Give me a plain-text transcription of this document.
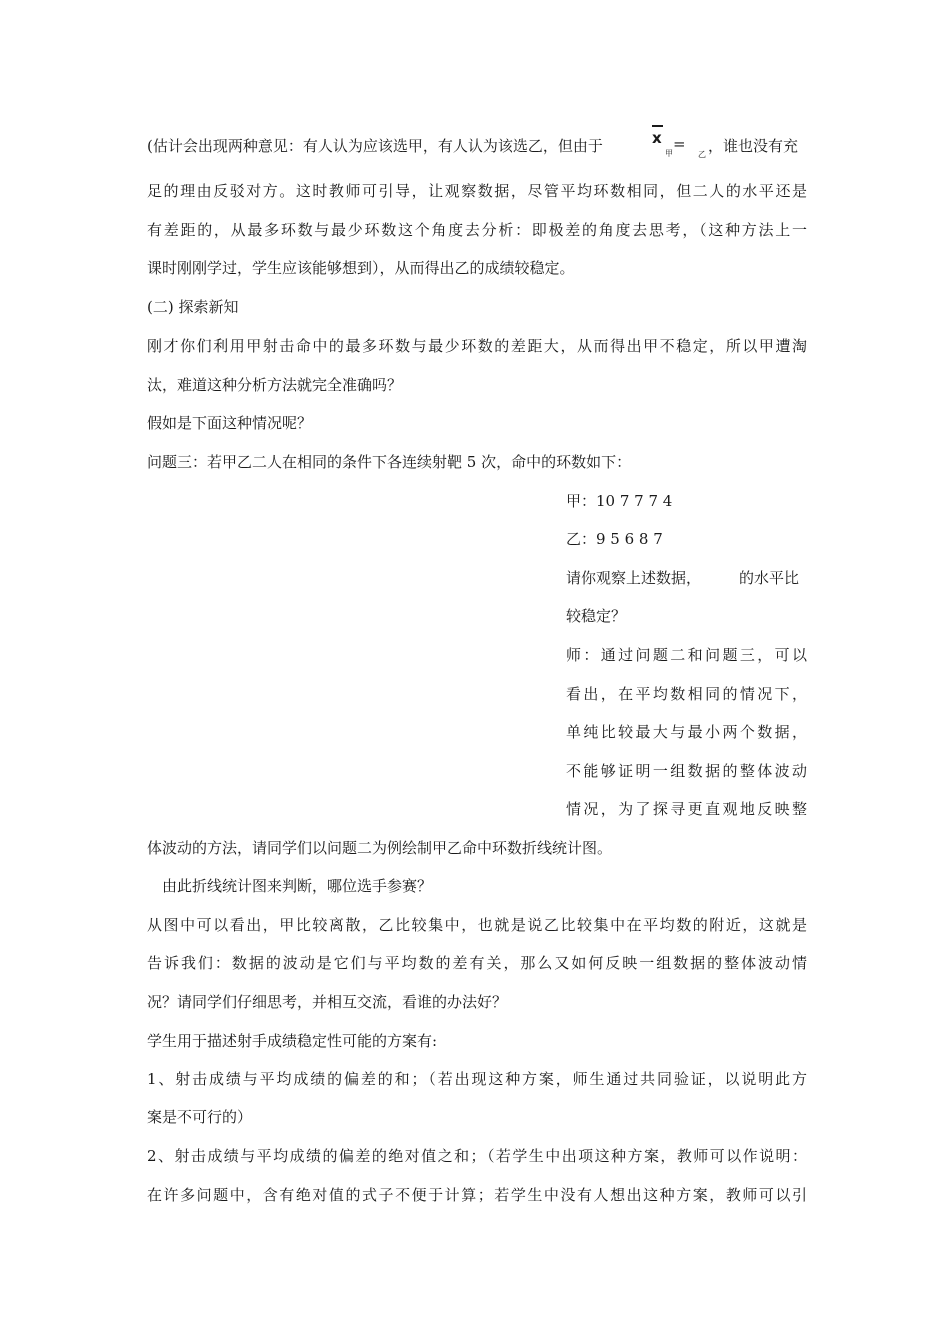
(估计会出现两种意见：有人认为应该选甲，有人认为该选乙，但由于	x
甲
=
乙 ，谁也没有充
足的理由反驳对方。这时教师可引导，让观察数据，尽管平均环数相同，但二人的水平还是
有差距的，从最多环数与最少环数这个角度去分析：即极差的角度去思考，（这种方法上一
课时刚刚学过，学生应该能够想到），从而得出乙的成绩较稳定。
(二) 探索新知
刚才你们利用甲射击命中的最多环数与最少环数的差距大，从而得出甲不稳定，所以甲遭淘
汰，难道这种分析方法就完全准确吗？
假如是下面这种情况呢？
问题三：若甲乙二人在相同的条件下各连续射靶 5 次，命中的环数如下：
甲：10 7 7 7 4
乙：9 5 6 8 7
请你观察上述数据，	的水平比
较稳定？
师：通过问题二和问题三，可以
看出，在平均数相同的情况下，
单纯比较最大与最小两个数据，
不能够证明一组数据的整体波动
情况，为了探寻更直观地反映整
体波动的方法，请同学们以问题二为例绘制甲乙命中环数折线统计图。
由此折线统计图来判断，哪位选手参赛？
从图中可以看出，甲比较离散，乙比较集中，也就是说乙比较集中在平均数的附近，这就是
告诉我们：数据的波动是它们与平均数的差有关，那么又如何反映一组数据的整体波动情
况？请同学们仔细思考，并相互交流，看谁的办法好？
学生用于描述射手成绩稳定性可能的方案有:
1、射击成绩与平均成绩的偏差的和；（若出现这种方案，师生通过共同验证，以说明此方
案是不可行的）
2、射击成绩与平均成绩的偏差的绝对值之和；（若学生中出项这种方案，教师可以作说明：
在许多问题中，含有绝对值的式子不便于计算；若学生中没有人想出这种方案，教师可以引
